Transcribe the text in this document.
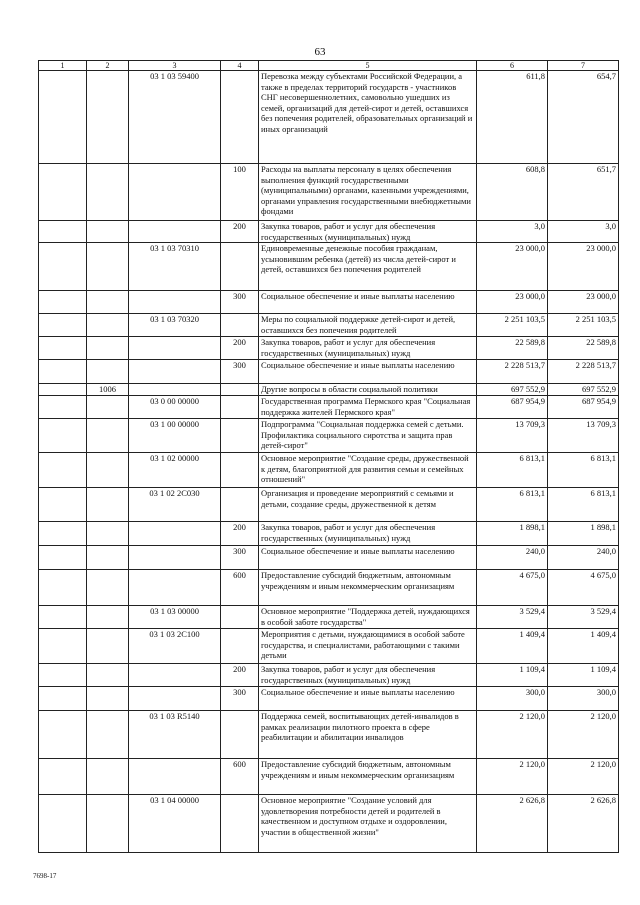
63
1	2	3	4	5	6	7
		03 1 03 59400		Перевозка между субъектами Российской Федерации, а также в пределах территорий государств - участников СНГ несовершеннолетних, самовольно ушедших из семей, организаций для детей-сирот и детей, оставшихся без попечения родителей, образовательных организаций и иных организаций	611,8	654,7
			100	Расходы на выплаты персоналу в целях обеспечения выполнения функций государственными (муниципальными) органами, казенными учреждениями, органами управления государственными внебюджетными фондами	608,8	651,7
			200	Закупка товаров, работ и услуг для обеспечения государственных (муниципальных) нужд	3,0	3,0
		03 1 03 70310		Единовременные денежные пособия гражданам, усыновившим ребенка (детей) из числа детей-сирот и детей, оставшихся без попечения родителей	23 000,0	23 000,0
			300	Социальное обеспечение и иные выплаты населению	23 000,0	23 000,0
		03 1 03 70320		Меры по социальной поддержке детей-сирот и детей, оставшихся без попечения родителей	2 251 103,5	2 251 103,5
			200	Закупка товаров, работ и услуг для обеспечения государственных (муниципальных) нужд	22 589,8	22 589,8
			300	Социальное обеспечение и иные выплаты населению	2 228 513,7	2 228 513,7
	1006			Другие вопросы в области социальной политики	697 552,9	697 552,9
		03 0 00 00000		Государственная программа Пермского края "Социальная поддержка жителей Пермского края"	687 954,9	687 954,9
		03 1 00 00000		Подпрограмма "Социальная поддержка семей с детьми. Профилактика социального сиротства и защита прав детей-сирот"	13 709,3	13 709,3
		03 1 02 00000		Основное мероприятие "Создание среды, дружественной к детям, благоприятной для развития семьи и семейных отношений"	6 813,1	6 813,1
		03 1 02 2С030		Организация и проведение мероприятий с семьями и детьми, создание среды, дружественной к детям	6 813,1	6 813,1
			200	Закупка товаров, работ и услуг для обеспечения государственных (муниципальных) нужд	1 898,1	1 898,1
			300	Социальное обеспечение и иные выплаты населению	240,0	240,0
			600	Предоставление субсидий бюджетным, автономным учреждениям и иным некоммерческим организациям	4 675,0	4 675,0
		03 1 03 00000		Основное мероприятие "Поддержка детей, нуждающихся в особой заботе государства"	3 529,4	3 529,4
		03 1 03 2С100		Мероприятия с детьми, нуждающимися в особой заботе государства, и специалистами, работающими с такими детьми	1 409,4	1 409,4
			200	Закупка товаров, работ и услуг для обеспечения государственных (муниципальных) нужд	1 109,4	1 109,4
			300	Социальное обеспечение и иные выплаты населению	300,0	300,0
		03 1 03 R5140		Поддержка семей, воспитывающих детей-инвалидов в рамках реализации пилотного проекта в сфере реабилитации и абилитации инвалидов	2 120,0	2 120,0
			600	Предоставление субсидий бюджетным, автономным учреждениям и иным некоммерческим организациям	2 120,0	2 120,0
		03 1 04 00000		Основное мероприятие "Создание условий для удовлетворения потребности детей и родителей в качественном и доступном отдыхе и оздоровлении, участии в общественной жизни"	2 626,8	2 626,8
7698-17
